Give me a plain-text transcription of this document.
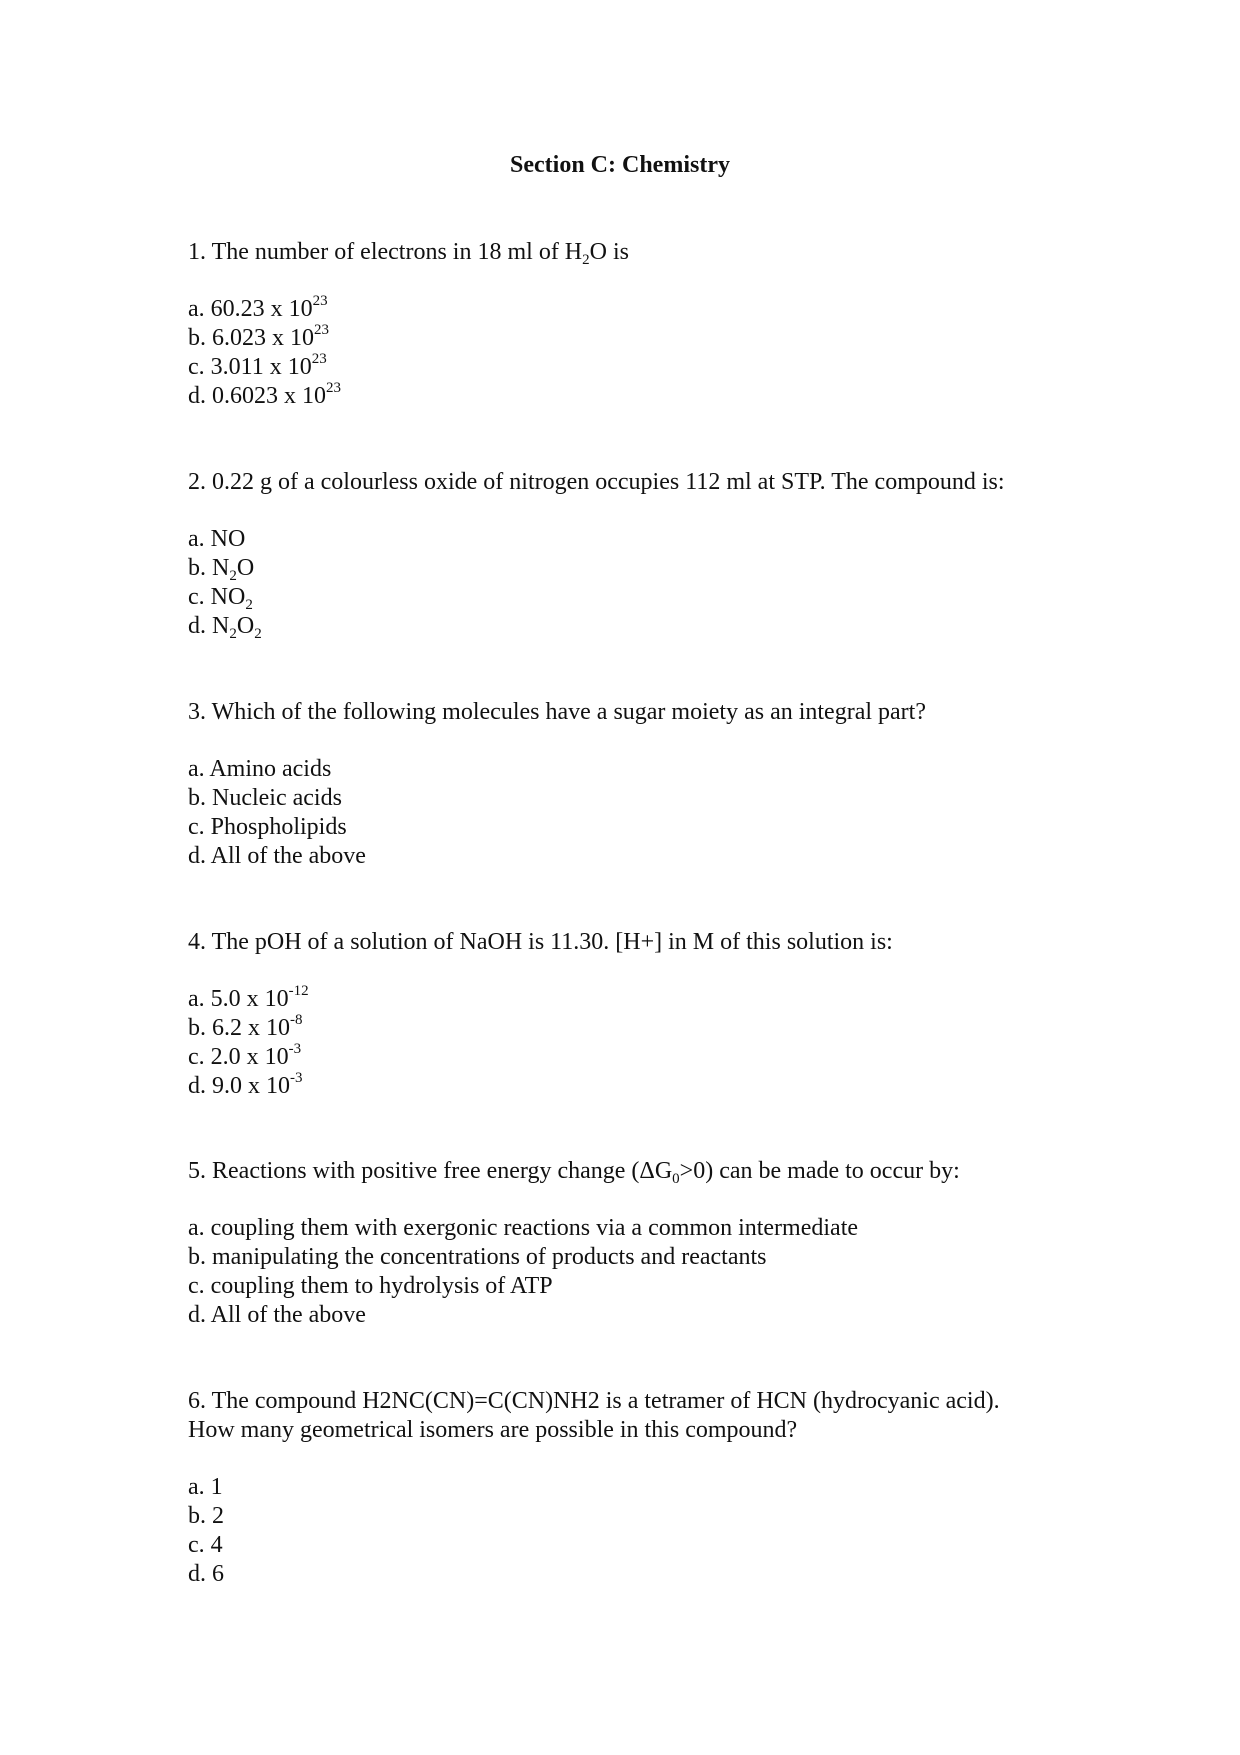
Section C: Chemistry

1. The number of electrons in 18 ml of $H_2O$ is

a. 60.23 x $10^{23}$
b. 6.023 x $10^{23}$
c. 3.011 x $10^{23}$
d. 0.6023 x $10^{23}$

2. 0.22 g of a colourless oxide of nitrogen occupies 112 ml at STP. The compound is:

a. NO
b. $N_2O$
c. $NO_2$
d. $N_2O_2$

3. Which of the following molecules have a sugar moiety as an integral part?

a. Amino acids
b. Nucleic acids
c. Phospholipids
d. All of the above

4. The pOH of a solution of NaOH is 11.30. [H+] in M of this solution is:

a. 5.0 x $10^{-12}$
b. 6.2 x $10^{-8}$
c. 2.0 x $10^{-3}$
d. 9.0 x $10^{-3}$

5. Reactions with positive free energy change $(\Delta G_0>0)$ can be made to occur by:

a. coupling them with exergonic reactions via a common intermediate
b. manipulating the concentrations of products and reactants
c. coupling them to hydrolysis of ATP
d. All of the above

6. The compound H2NC(CN)=C(CN)NH2 is a tetramer of HCN (hydrocyanic acid).
How many geometrical isomers are possible in this compound?

a. 1
b. 2
c. 4
d. 6
